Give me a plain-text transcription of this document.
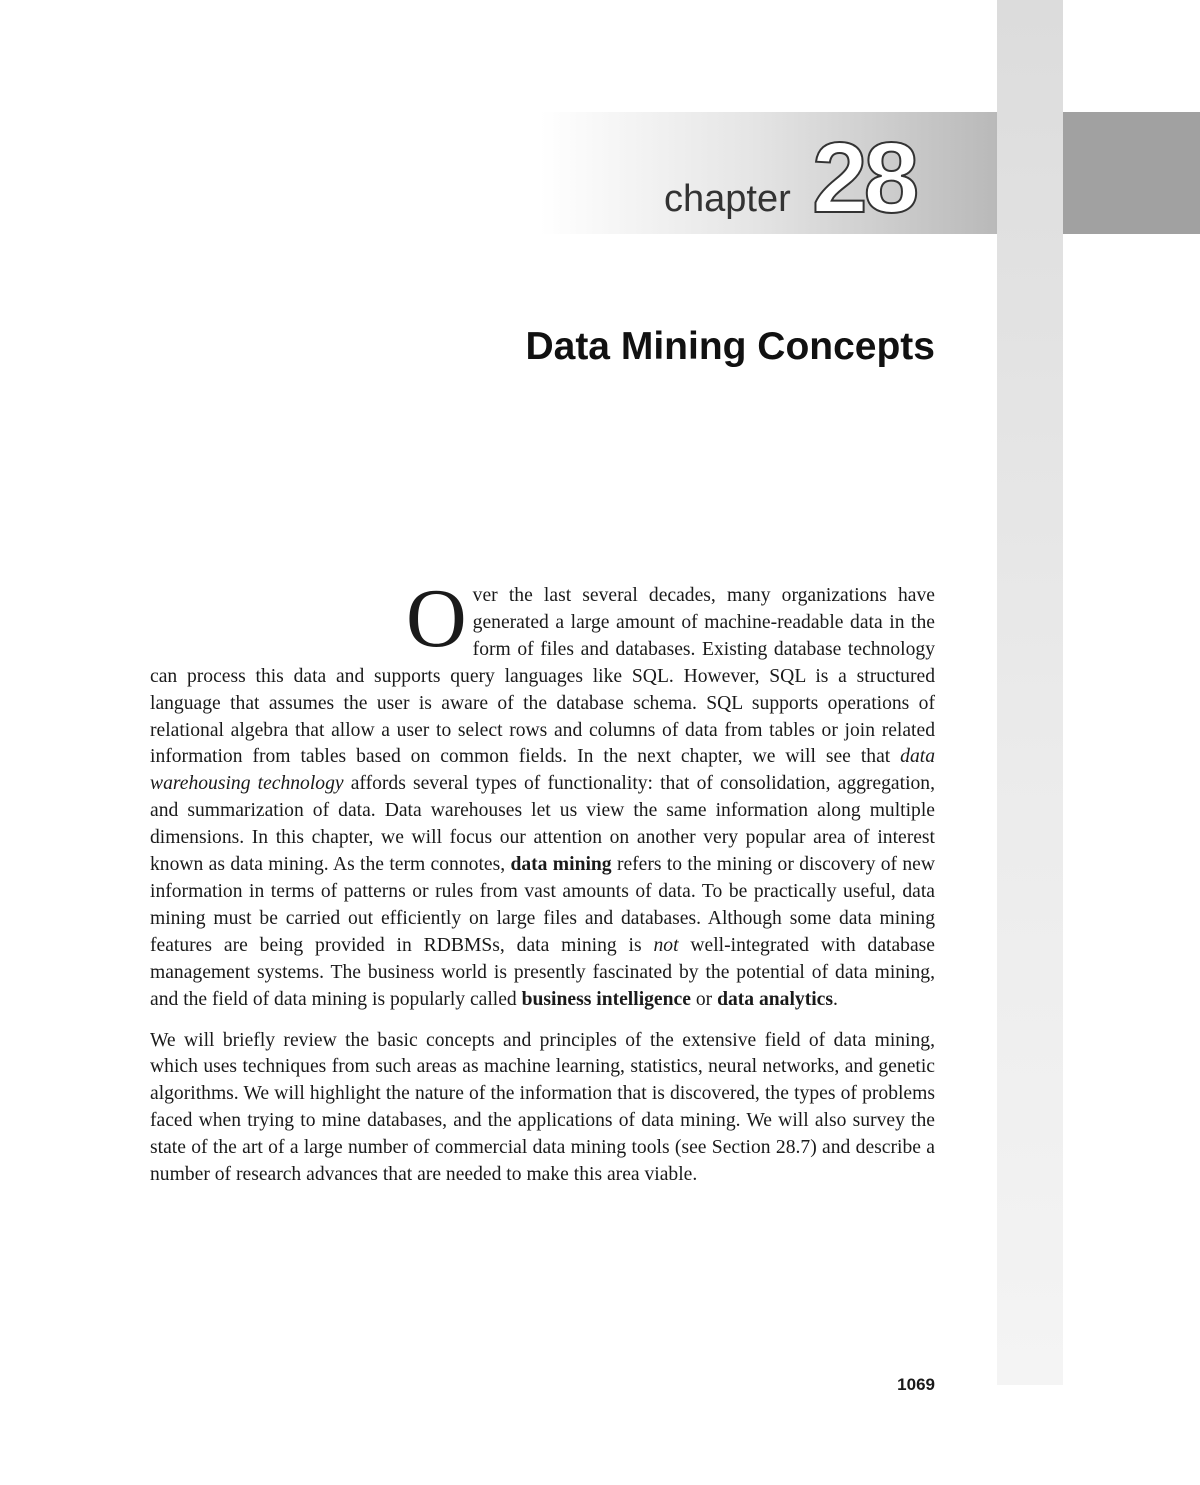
chapter 28
Data Mining Concepts

Over the last several decades, many organizations have generated a large amount of machine-readable data in the form of files and databases. Existing database technology can process this data and supports query languages like SQL. However, SQL is a structured language that assumes the user is aware of the database schema. SQL supports operations of relational algebra that allow a user to select rows and columns of data from tables or join related information from tables based on common fields. In the next chapter, we will see that data warehousing technology affords several types of functionality: that of consolidation, aggregation, and summarization of data. Data warehouses let us view the same information along multiple dimensions. In this chapter, we will focus our attention on another very popular area of interest known as data mining. As the term connotes, data mining refers to the mining or discovery of new information in terms of patterns or rules from vast amounts of data. To be practically useful, data mining must be carried out efficiently on large files and databases. Although some data mining features are being provided in RDBMSs, data mining is not well-integrated with database management systems. The business world is presently fascinated by the potential of data mining, and the field of data mining is popularly called business intelligence or data analytics.

We will briefly review the basic concepts and principles of the extensive field of data mining, which uses techniques from such areas as machine learning, statistics, neural networks, and genetic algorithms. We will highlight the nature of the information that is discovered, the types of problems faced when trying to mine databases, and the applications of data mining. We will also survey the state of the art of a large number of commercial data mining tools (see Section 28.7) and describe a number of research advances that are needed to make this area viable.

1069
